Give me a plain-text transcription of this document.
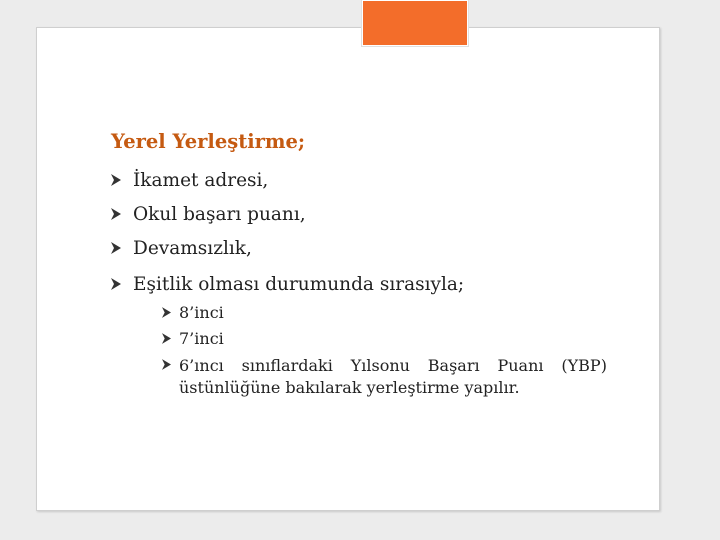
Yerel Yerleştirme;
İkamet adresi,
Okul başarı puanı,
Devamsızlık,
Eşitlik olması durumunda sırasıyla;
8’inci
7’inci
6’ıncı sınıflardaki Yılsonu Başarı Puanı (YBP)
üstünlüğüne bakılarak yerleştirme yapılır.
